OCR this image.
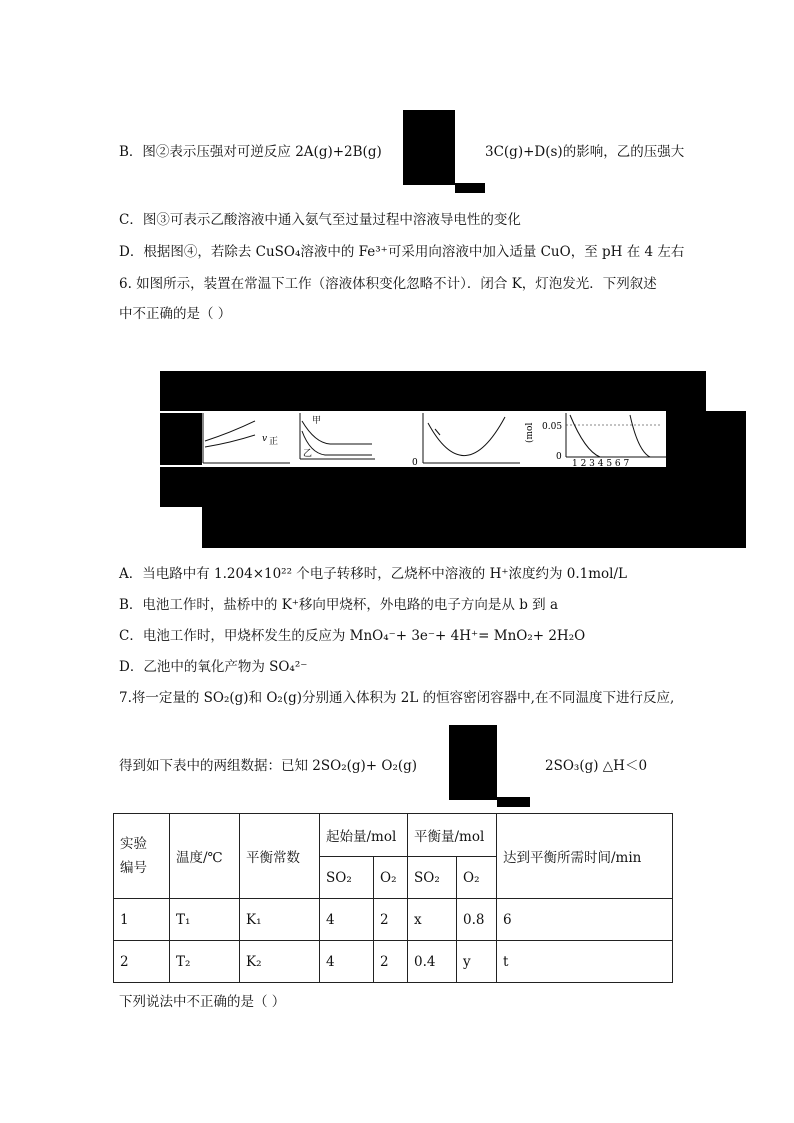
B．图②表示压强对可逆反应 2A(g)+2B(g)	3C(g)+D(s)的影响，乙的压强大
C．图③可表示乙酸溶液中通入氨气至过量过程中溶液导电性的变化
D．根据图④，若除去 CuSO₄溶液中的 Fe³⁺可采用向溶液中加入适量 CuO，至 pH 在 4 左右
6. 如图所示，装置在常温下工作（溶液体积变化忽略不计）．闭合 K，灯泡发光．下列叙述
中不正确的是（ ）
v 正
甲
乙
0
(mol 0.05
0
1 2 3 4 5 6 7
A．当电路中有 1.204×10²² 个电子转移时，乙烧杯中溶液的 H⁺浓度约为 0.1mol/L
B．电池工作时，盐桥中的 K⁺移向甲烧杯，外电路的电子方向是从 b 到 a
C．电池工作时，甲烧杯发生的反应为 MnO₄⁻+ 3e⁻+ 4H⁺= MnO₂+ 2H₂O
D．乙池中的氧化产物为 SO₄²⁻
7.将一定量的 SO₂(g)和 O₂(g)分别通入体积为 2L 的恒容密闭容器中,在不同温度下进行反应,
得到如下表中的两组数据：已知 2SO₂(g)+ O₂(g)	2SO₃(g) △H＜0
实验编号	温度/℃	平衡常数	起始量/mol		平衡量/mol		达到平衡所需时间/min
			SO₂	O₂	SO₂	O₂	
1	T₁	K₁	4	2	x	0.8	6
2	T₂	K₂	4	2	0.4	y	t
下列说法中不正确的是（ ）
